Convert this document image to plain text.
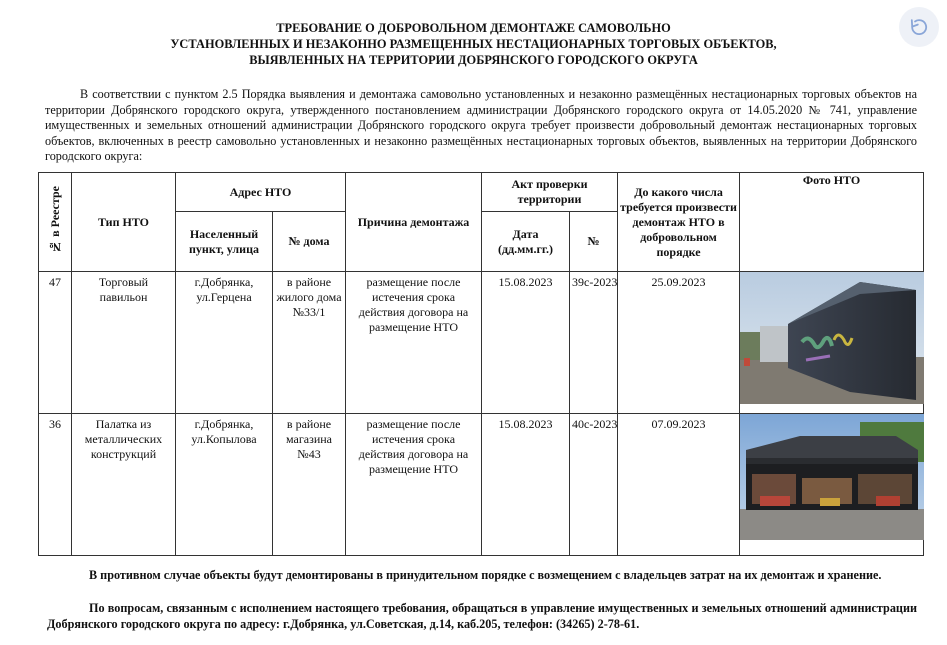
ТРЕБОВАНИЕ О ДОБРОВОЛЬНОМ ДЕМОНТАЖЕ САМОВОЛЬНО
УСТАНОВЛЕННЫХ И НЕЗАКОННО РАЗМЕЩЕННЫХ НЕСТАЦИОНАРНЫХ ТОРГОВЫХ ОБЪЕКТОВ,
ВЫЯВЛЕННЫХ НА ТЕРРИТОРИИ ДОБРЯНСКОГО ГОРОДСКОГО ОКРУГА
В соответствии с пунктом 2.5 Порядка выявления и демонтажа самовольно установленных и незаконно размещённых нестационарных торговых объектов на территории Добрянского городского округа, утвержденного постановлением администрации Добрянского городского округа от 14.05.2020 № 741, управление имущественных и земельных отношений администрации Добрянского городского округа требует произвести добровольный демонтаж нестационарных торговых объектов, включенных в реестр самовольно установленных и незаконно размещённых нестационарных торговых объектов, выявленных на территории Добрянского городского округа:
№ в Реестре	Тип НТО	Адрес НТО		Причина демонтажа	Акт проверки территории		До какого числа требуется произвести демонтаж НТО в добровольном порядке	Фото НТО
		Населенный пункт, улица	№ дома		Дата (дд.мм.гг.)	№		
47	Торговый павильон	г.Добрянка, ул.Герцена	в районе жилого дома №33/1	размещение после истечения срока действия договора на размещение НТО	15.08.2023	39с-2023	25.09.2023	

36	Палатка из металлических конструкций	г.Добрянка, ул.Копылова	в районе магазина №43	размещение после истечения срока действия договора на размещение НТО	15.08.2023	40с-2023	07.09.2023	
В противном случае объекты будут демонтированы в принудительном порядке с возмещением с владельцев затрат на их демонтаж и хранение.
По вопросам, связанным с исполнением настоящего требования, обращаться в управление имущественных и земельных отношений администрации Добрянского городского округа по адресу: г.Добрянка, ул.Советская, д.14, каб.205, телефон: (34265) 2-78-61.
